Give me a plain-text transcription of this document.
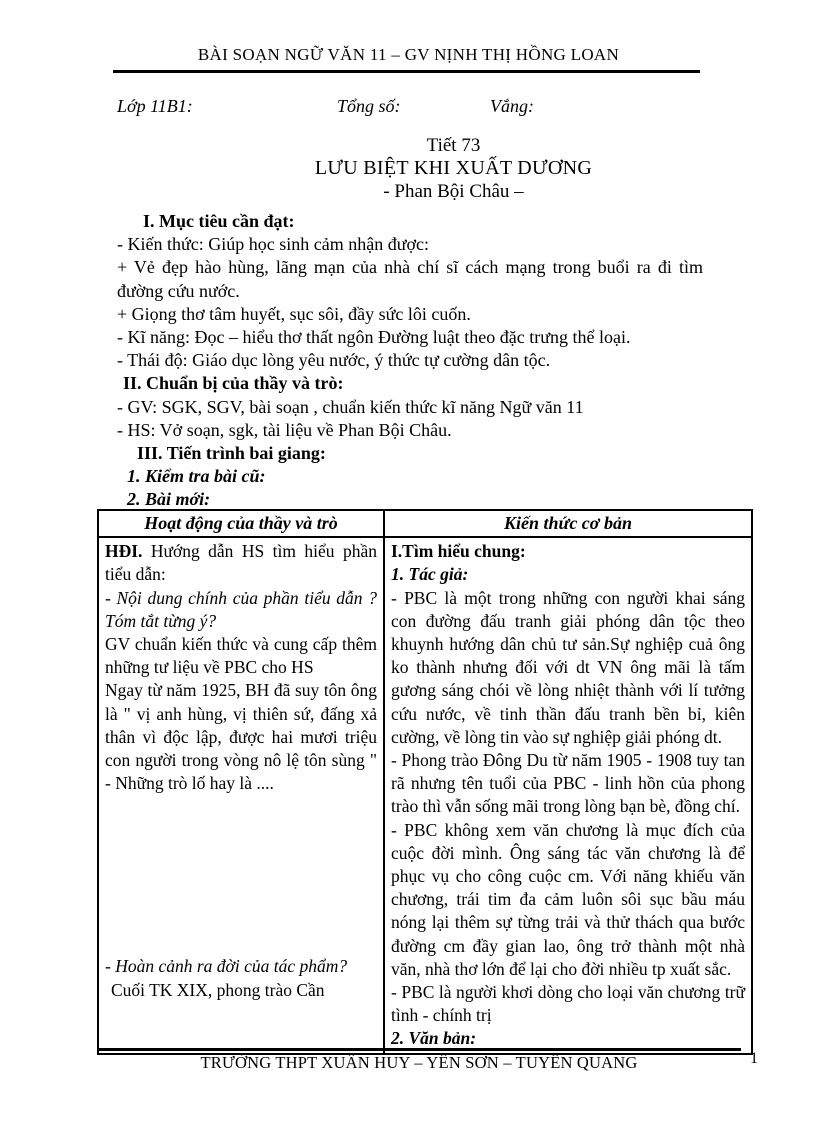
BÀI SOẠN NGỮ VĂN 11 – GV NỊNH THỊ HỒNG LOAN
Lớp 11B1:	Tổng số:	Vắng:
Tiết 73
LƯU BIỆT KHI XUẤT DƯƠNG
- Phan Bội Châu –
I. Mục tiêu cần đạt:
- Kiến thức: Giúp học sinh cảm nhận được:
+ Vẻ đẹp hào hùng, lãng mạn của nhà chí sĩ cách mạng trong buổi ra đi tìm đường cứu nước.
+ Giọng thơ tâm huyết, sục sôi, đầy sức lôi cuốn.
- Kĩ năng: Đọc – hiểu thơ thất ngôn Đường luật theo đặc trưng thể loại.
- Thái độ: Giáo dục lòng yêu nước, ý thức tự cường dân tộc.
II. Chuẩn bị của thầy và trò:
- GV: SGK, SGV, bài soạn , chuẩn kiến thức kĩ năng Ngữ văn 11
- HS: Vở soạn, sgk, tài liệu về Phan Bội Châu.
III. Tiến trình bai giang:
1. Kiểm tra bài cũ:
2. Bài mới:
Hoạt động của thầy và trò	Kiến thức cơ bản

HĐI. Hướng dẫn HS tìm hiểu phần tiểu dẫn:
- Nội dung chính của phần tiểu dẫn ? Tóm tắt từng ý?
GV chuẩn kiến thức và cung cấp thêm những tư liệu về PBC cho HS
Ngay từ năm 1925, BH đã suy tôn ông là " vị anh hùng, vị thiên sứ, đấng xả thân vì độc lập, được hai mươi triệu con người trong vòng nô lệ tôn sùng " - Những trò lố hay là ....
- Hoàn cảnh ra đời của tác phẩm?
Cuối TK XIX, phong trào Cần

I.Tìm hiểu chung:
1. Tác giả:
- PBC là một trong những con người khai sáng con đường đấu tranh giải phóng dân tộc theo khuynh hướng dân chủ tư sản.Sự nghiệp cuả ông ko thành nhưng đối với dt VN ông mãi là tấm gương sáng chói về lòng nhiệt thành với lí tưởng cứu nước, về tinh thần đấu tranh bền bỉ, kiên cường, về lòng tin vào sự nghiệp giải phóng dt.
- Phong trào Đông Du từ năm 1905 - 1908 tuy tan rã nhưng tên tuổi của PBC - linh hồn của phong trào thì vẫn sống mãi trong lòng bạn bè, đồng chí.
- PBC không xem văn chương là mục đích của cuộc đời mình. Ông sáng tác văn chương là để phục vụ cho công cuộc cm. Với năng khiếu văn chương, trái tim đa cảm luôn sôi sục bầu máu nóng lại thêm sự từng trải và thử thách qua bước đường cm đầy gian lao, ông trở thành một nhà văn, nhà thơ lớn để lại cho đời nhiều tp xuất sắc.
- PBC là người khơi dòng cho loại văn chương trữ tình - chính trị
2. Văn bản:
TRƯỜNG THPT XUÂN HUY – YÊN SƠN – TUYÊN QUANG	1
